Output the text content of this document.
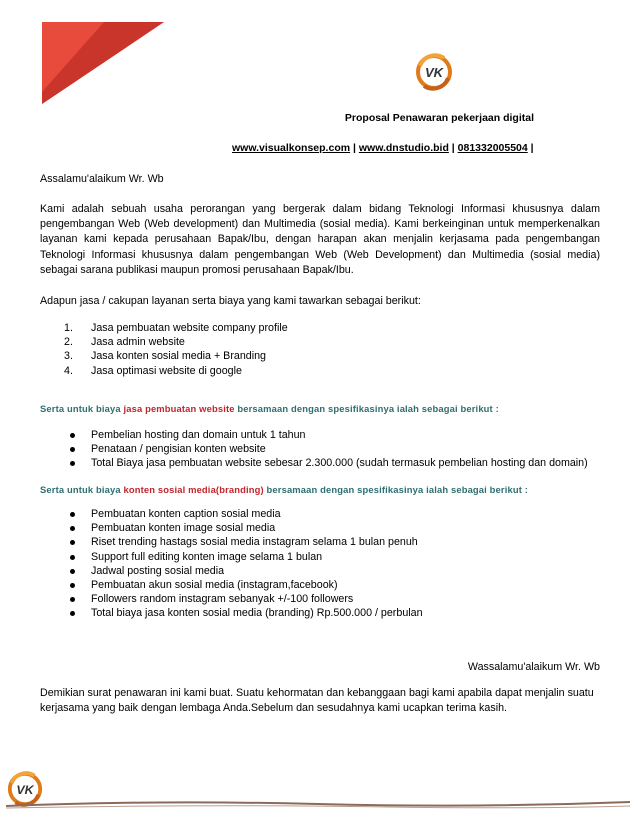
VK
Proposal Penawaran pekerjaan digital
www.visualkonsep.com | www.dnstudio.bid | 081332005504 |
Assalamu'alaikum Wr. Wb
Kami adalah sebuah usaha perorangan yang bergerak dalam bidang Teknologi Informasi khususnya dalam pengembangan Web (Web development) dan Multimedia (sosial media). Kami berkeinginan untuk memperkenalkan layanan kami kepada perusahaan Bapak/Ibu, dengan harapan akan menjalin kerjasama pada pengembangan Teknologi Informasi khususnya dalam pengembangan Web (Web Development) dan Multimedia (sosial media) sebagai sarana publikasi maupun promosi perusahaan Bapak/Ibu.
Adapun jasa / cakupan layanan serta biaya yang kami tawarkan sebagai berikut:
1. Jasa pembuatan website company profile
2. Jasa admin website
3. Jasa konten sosial media + Branding
4. Jasa optimasi website di google
Serta untuk biaya jasa pembuatan website bersamaan dengan spesifikasinya ialah sebagai berikut :
Pembelian hosting dan domain untuk 1 tahun
Penataan / pengisian konten website
Total Biaya jasa pembuatan website sebesar 2.300.000 (sudah termasuk pembelian hosting dan domain)
Serta untuk biaya konten sosial media(branding) bersamaan dengan spesifikasinya ialah sebagai berikut :
Pembuatan konten caption sosial media
Pembuatan konten image sosial media
Riset trending hastags sosial media instagram selama 1 bulan penuh
Support full editing konten image selama 1 bulan
Jadwal posting sosial media
Pembuatan akun sosial media (instagram,facebook)
Followers random instagram sebanyak +/-100 followers
Total biaya jasa konten sosial media (branding) Rp.500.000 / perbulan
Wassalamu'alaikum Wr. Wb
Demikian surat penawaran ini kami buat. Suatu kehormatan dan kebanggaan bagi kami apabila dapat menjalin suatu kerjasama yang baik dengan lembaga Anda.Sebelum dan sesudahnya kami ucapkan terima kasih.
VK
